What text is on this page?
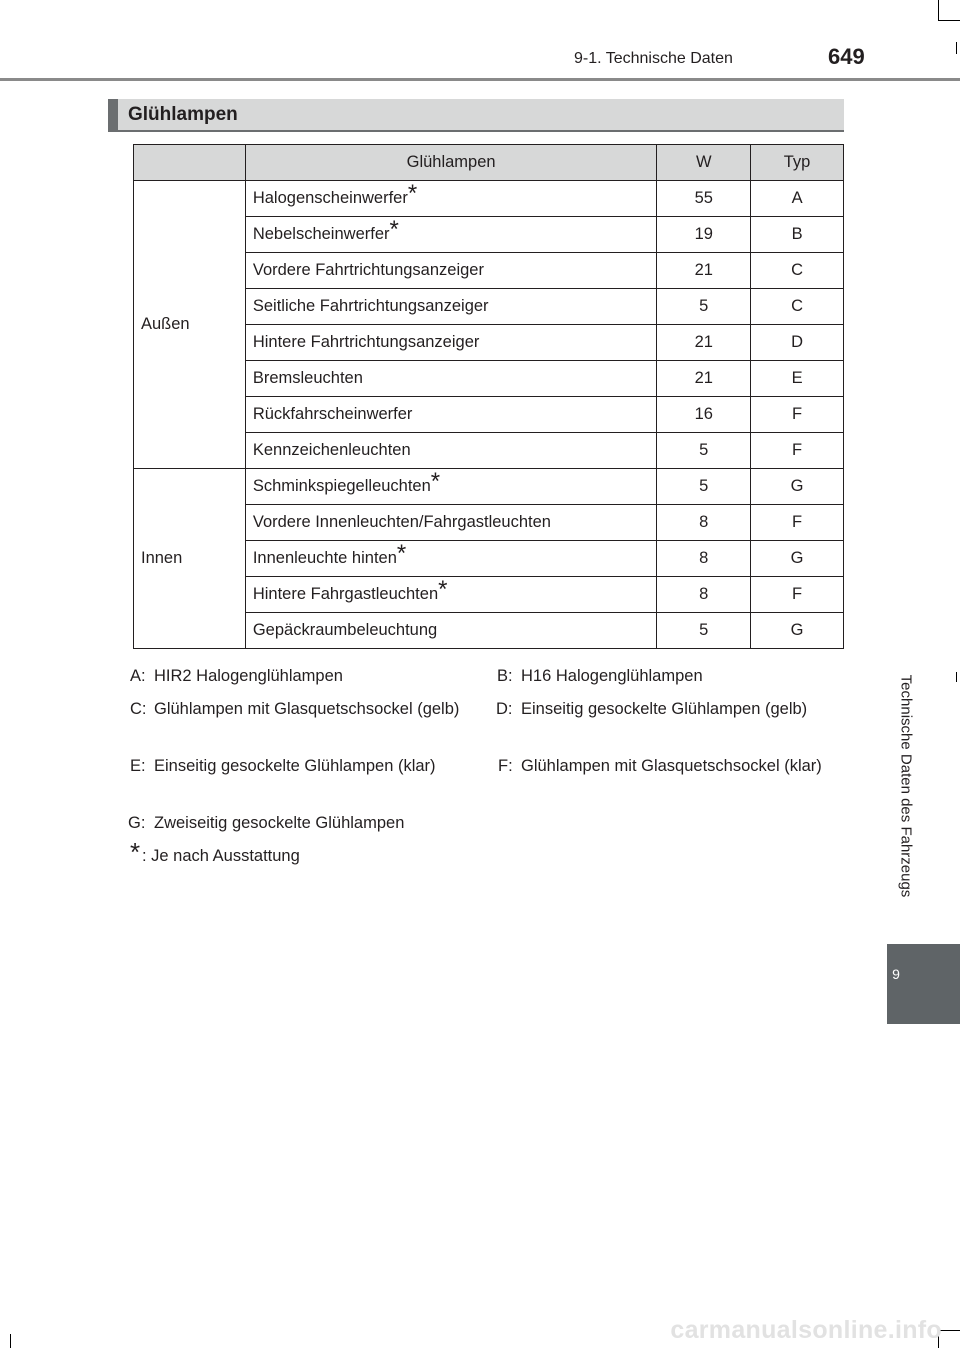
9-1. Technische Daten	649
Glühlampen
	Glühlampen	W	Typ
Außen	Halogenscheinwerfer*	55	A
	Nebelscheinwerfer*	19	B
	Vordere Fahrtrichtungsanzeiger	21	C
	Seitliche Fahrtrichtungsanzeiger	5	C
	Hintere Fahrtrichtungsanzeiger	21	D
	Bremsleuchten	21	E
	Rückfahrscheinwerfer	16	F
	Kennzeichenleuchten	5	F
Innen	Schminkspiegelleuchten*	5	G
	Vordere Innenleuchten/Fahrgastleuchten	8	F
	Innenleuchte hinten*	8	G
	Hintere Fahrgastleuchten*	8	F
	Gepäckraumbeleuchtung	5	G
A: HIR2 Halogenglühlampen	B: H16 Halogenglühlampen
C: Glühlampen mit Glasquetschsockel (gelb)	D: Einseitig gesockelte Glühlampen (gelb)
E: Einseitig gesockelte Glühlampen (klar)	F: Glühlampen mit Glasquetschsockel (klar)
G: Zweiseitig gesockelte Glühlampen
* : Je nach Ausstattung	Technische Daten des Fahrzeugs
9
carmanualsonline.info
